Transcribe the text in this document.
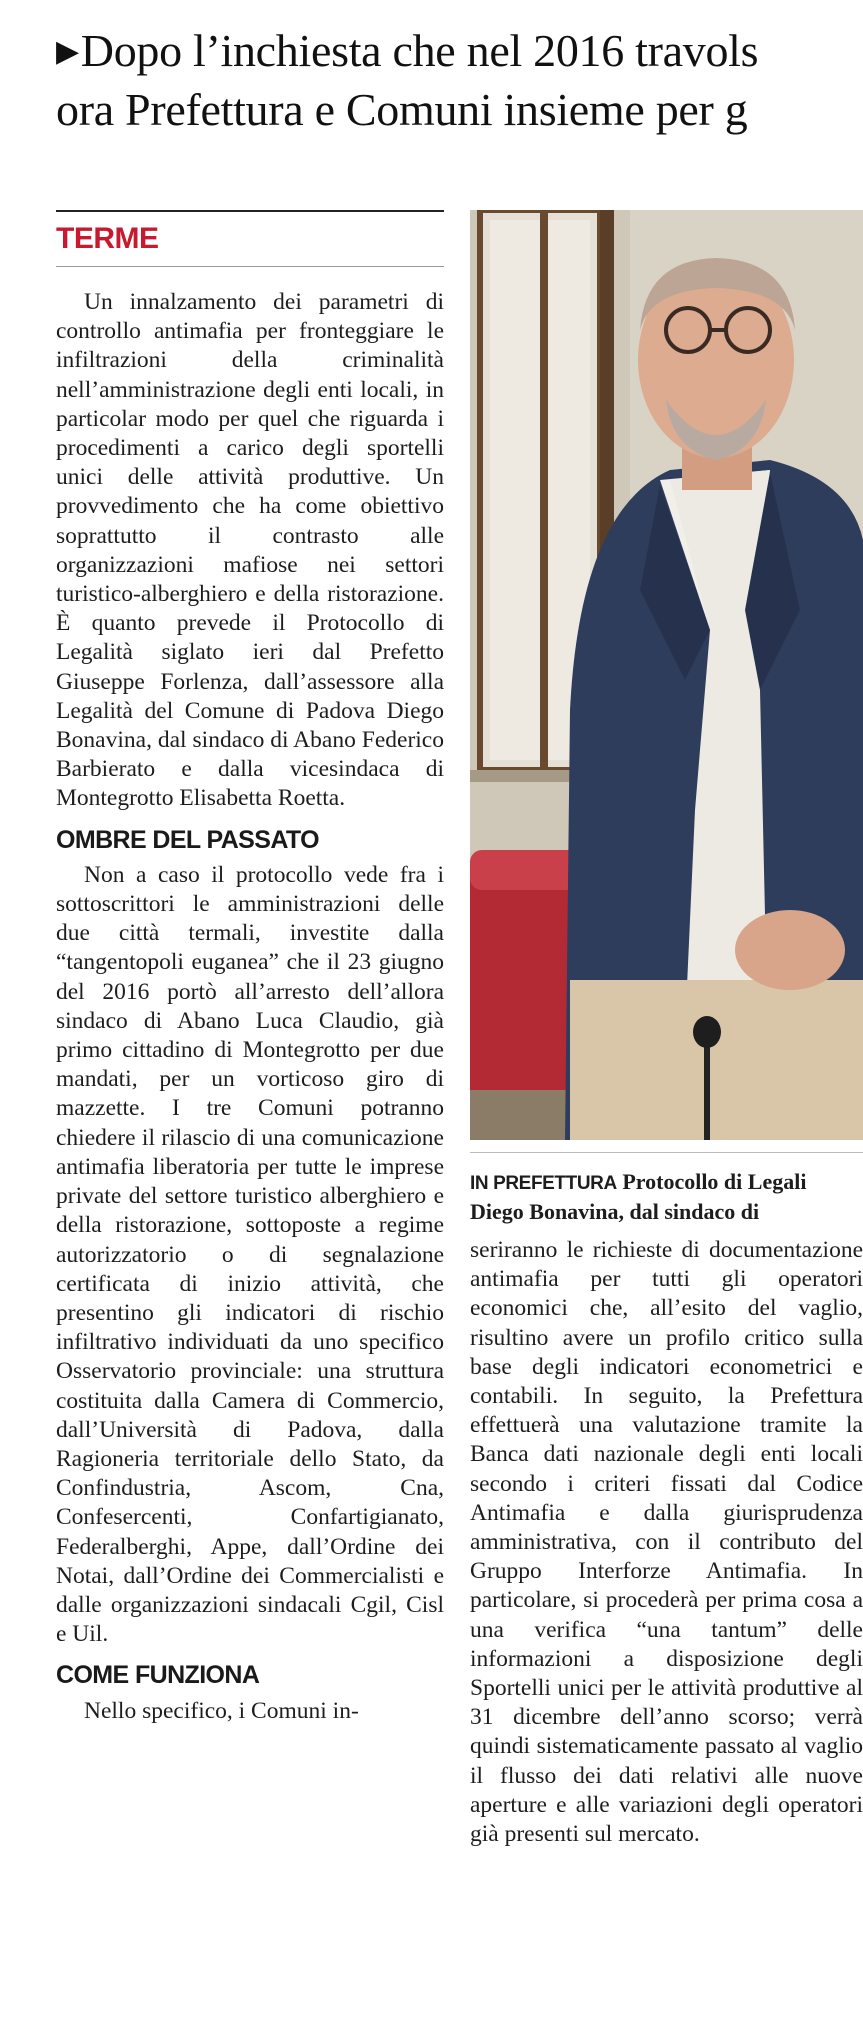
▶Dopo l’inchiesta che nel 2016 travols
ora Prefettura e Comuni insieme per g
TERME

Un innalzamento dei parametri di controllo antimafia per fronteggiare le infiltrazioni della criminalità nell’amministrazione degli enti locali, in particolar modo per quel che riguarda i procedimenti a carico degli sportelli unici delle attività produttive. Un provvedimento che ha come obiettivo soprattutto il contrasto alle organizzazioni mafiose nei settori turistico-alberghiero e della ristorazione. È quanto prevede il Protocollo di Legalità siglato ieri dal Prefetto Giuseppe Forlenza, dall’assessore alla Legalità del Comune di Padova Diego Bonavina, dal sindaco di Abano Federico Barbierato e dalla vicesindaca di Montegrotto Elisabetta Roetta.

OMBRE DEL PASSATO

Non a caso il protocollo vede fra i sottoscrittori le amministrazioni delle due città termali, investite dalla “tangentopoli euganea” che il 23 giugno del 2016 portò all’arresto dell’allora sindaco di Abano Luca Claudio, già primo cittadino di Montegrotto per due mandati, per un vorticoso giro di mazzette. I tre Comuni potranno chiedere il rilascio di una comunicazione antimafia liberatoria per tutte le imprese private del settore turistico alberghiero e della ristorazione, sottoposte a regime autorizzatorio o di segnalazione certificata di inizio attività, che presentino gli indicatori di rischio infiltrativo individuati da uno specifico Osservatorio provinciale: una struttura costituita dalla Camera di Commercio, dall’Università di Padova, dalla Ragioneria territoriale dello Stato, da Confindustria, Ascom, Cna, Confesercenti, Confartigianato, Federalberghi, Appe, dall’Ordine dei Notai, dall’Ordine dei Commercialisti e dalle organizzazioni sindacali Cgil, Cisl e Uil.

COME FUNZIONA

Nello specifico, i Comuni in-

IN PREFETTURA Protocollo di Legali
Diego Bonavina, dal sindaco di

seriranno le richieste di documentazione antimafia per tutti gli operatori economici che, all’esito del vaglio, risultino avere un profilo critico sulla base degli indicatori econometrici e contabili. In seguito, la Prefettura effettuerà una valutazione tramite la Banca dati nazionale degli enti locali secondo i criteri fissati dal Codice Antimafia e dalla giurisprudenza amministrativa, con il contributo del Gruppo Interforze Antimafia. In particolare, si procederà per prima cosa a una verifica “una tantum” delle informazioni a disposizione degli Sportelli unici per le attività produttive al 31 dicembre dell’anno scorso; verrà quindi sistematicamente passato al vaglio il flusso dei dati relativi alle nuove aperture e alle variazioni degli operatori già presenti sul mercato.
